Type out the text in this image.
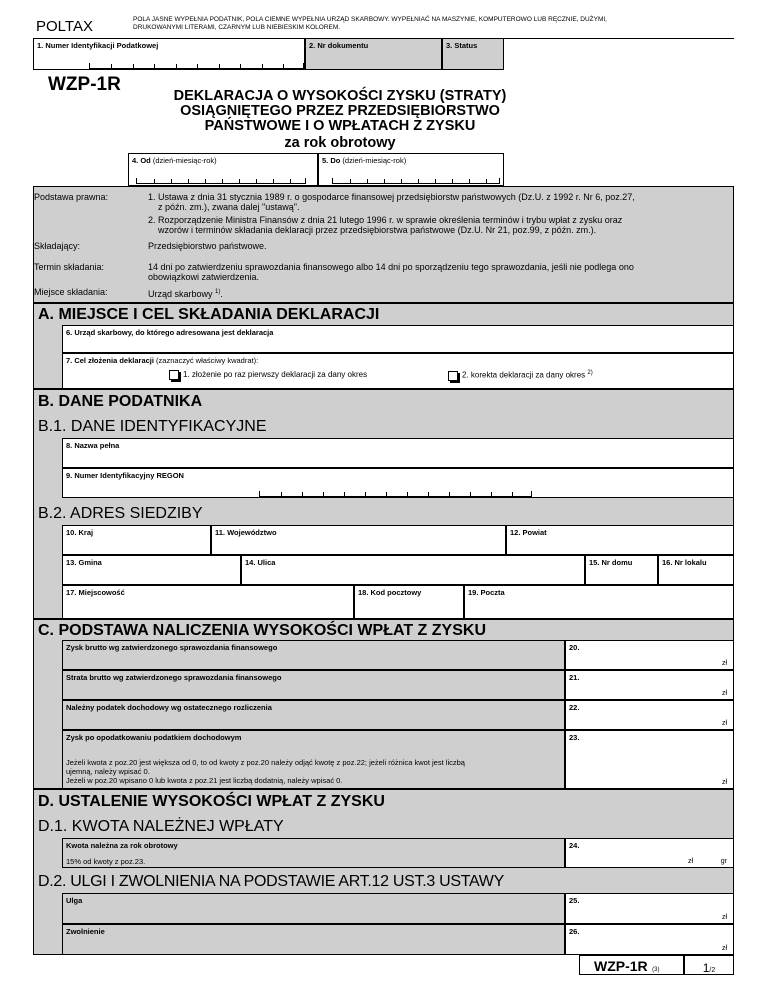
POLTAX	POLA JASNE WYPEŁNIA PODATNIK, POLA CIEMNE WYPEŁNIA URZĄD SKARBOWY. WYPEŁNIAĆ NA MASZYNIE, KOMPUTEROWO LUB RĘCZNIE, DUŻYMI,
DRUKOWANYMI LITERAMI, CZARNYM LUB NIEBIESKIM KOLOREM.
1. Numer Identyfikacji Podatkowej	2. Nr dokumentu	3. Status
WZP-1R
DEKLARACJA O WYSOKOŚCI ZYSKU (STRATY)
OSIĄGNIĘTEGO PRZEZ PRZEDSIĘBIORSTWO
PAŃSTWOWE I O WPŁATACH Z ZYSKU
za rok obrotowy
4. Od (dzień-miesiąc-rok)	5. Do (dzień-miesiąc-rok)
Podstawa prawna:	1. Ustawa z dnia 31 stycznia 1989 r. o gospodarce finansowej przedsiębiorstw państwowych (Dz.U. z 1992 r. Nr 6, poz.27,
z późn. zm.), zwana dalej "ustawą".
2. Rozporządzenie Ministra Finansów z dnia 21 lutego 1996 r. w sprawie określenia terminów i trybu wpłat z zysku oraz
wzorów i terminów składania deklaracji przez przedsiębiorstwa państwowe (Dz.U. Nr 21, poz.99, z późn. zm.).
Składający:	Przedsiębiorstwo państwowe.
Termin składania:	14 dni po zatwierdzeniu sprawozdania finansowego albo 14 dni po sporządzeniu tego sprawozdania, jeśli nie podlega ono
obowiązkowi zatwierdzenia.
Miejsce składania:	Urząd skarbowy $^{1)}$.
A. MIEJSCE I CEL SKŁADANIA DEKLARACJI
6. Urząd skarbowy, do którego adresowana jest deklaracja
7. Cel złożenia deklaracji (zaznaczyć właściwy kwadrat):
1. złożenie po raz pierwszy deklaracji za dany okres	2. korekta deklaracji za dany okres $^{2)}$
B. DANE PODATNIKA
B.1. DANE IDENTYFIKACYJNE
8. Nazwa pełna
9. Numer Identyfikacyjny REGON
B.2. ADRES SIEDZIBY
10. Kraj	11. Województwo	12. Powiat
13. Gmina	14. Ulica	15. Nr domu	16. Nr lokalu
17. Miejscowość	18. Kod pocztowy	19. Poczta
C. PODSTAWA NALICZENIA WYSOKOŚCI WPŁAT Z ZYSKU
Zysk brutto wg zatwierdzonego sprawozdania finansowego	20.
zł
Strata brutto wg zatwierdzonego sprawozdania finansowego	21.
zł
Należny podatek dochodowy wg ostatecznego rozliczenia	22.
zł
Zysk po opodatkowaniu podatkiem dochodowym
Jeżeli kwota z poz.20 jest większa od 0, to od kwoty z poz.20 należy odjąć kwotę z poz.22; jeżeli różnica kwot jest liczbą
ujemną, należy wpisać 0.
Jeżeli w poz.20 wpisano 0 lub kwota z poz.21 jest liczbą dodatnią, należy wpisać 0.
23.
zł
D. USTALENIE WYSOKOŚCI WPŁAT Z ZYSKU
D.1. KWOTA NALEŻNEJ WPŁATY
Kwota należna za rok obrotowy
15% od kwoty z poz.23.
24.
zł	gr
D.2. ULGI I ZWOLNIENIA NA PODSTAWIE ART.12 UST.3 USTAWY
Ulga	25.
zł
Zwolnienie	26.
zł
WZP-1R (3)	1/2
